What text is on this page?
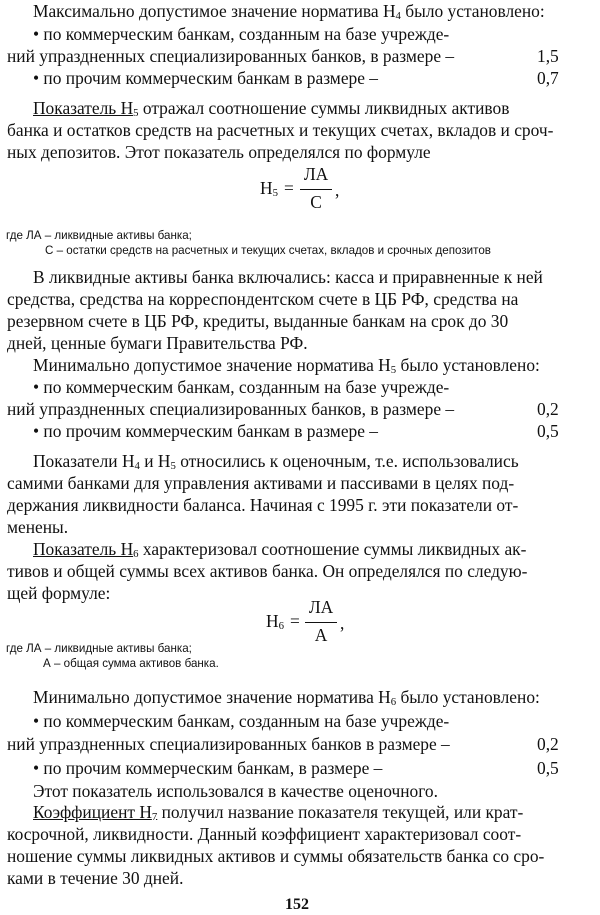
Максимально допустимое значение норматива $Н_4$ было установлено:
• по коммерческим банкам, созданным на базе учрежде-
ний упраздненных специализированных банков, в размере –	1,5
• по прочим коммерческим банкам в размере –	0,7
Показатель $Н_5$ отражал соотношение суммы ликвидных активов
банка и остатков средств на расчетных и текущих счетах, вкладов и сроч-
ных депозитов. Этот показатель определялся по формуле
$Н_5$ =
ЛА
С
,
где ЛА – ликвидные активы банка;
С – остатки средств на расчетных и текущих счетах, вкладов и срочных депозитов
В ликвидные активы банка включались: касса и приравненные к ней
средства, средства на корреспондентском счете в ЦБ РФ, средства на
резервном счете в ЦБ РФ, кредиты, выданные банкам на срок до 30
дней, ценные бумаги Правительства РФ.
Минимально допустимое значение норматива $Н_5$ было установлено:
• по коммерческим банкам, созданным на базе учрежде-
ний упраздненных специализированных банков, в размере –	0,2
• по прочим коммерческим банкам в размере –	0,5
Показатели $Н_4$ и $Н_5$ относились к оценочным, т.е. использовались
самими банками для управления активами и пассивами в целях под-
держания ликвидности баланса. Начиная с 1995 г. эти показатели от-
менены.
Показатель $Н_6$ характеризовал соотношение суммы ликвидных ак-
тивов и общей суммы всех активов банка. Он определялся по следую-
щей формуле:
$Н_6$ =
ЛА
А
,
где ЛА – ликвидные активы банка;
А – общая сумма активов банка.
Минимально допустимое значение норматива $Н_6$ было установлено:
• по коммерческим банкам, созданным на базе учрежде-
ний упраздненных специализированных банков в размере –	0,2
• по прочим коммерческим банкам, в размере –	0,5
Этот показатель использовался в качестве оценочного.
Коэффициент $Н_7$ получил название показателя текущей, или крат-
косрочной, ликвидности. Данный коэффициент характеризовал соот-
ношение суммы ликвидных активов и суммы обязательств банка со сро-
ками в течение 30 дней.
152
